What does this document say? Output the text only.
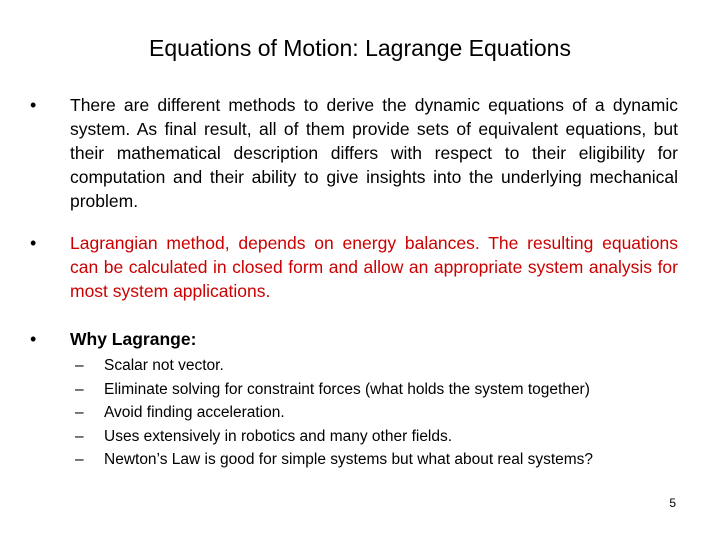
Equations of Motion: Lagrange Equations
• There are different methods to derive the dynamic equations of a dynamic system. As final result, all of them provide sets of equivalent equations, but their mathematical description differs with respect to their eligibility for computation and their ability to give insights into the underlying mechanical problem.
• Lagrangian method, depends on energy balances. The resulting equations can be calculated in closed form and allow an appropriate system analysis for most system applications.
• Why Lagrange:
– Scalar not vector.
– Eliminate solving for constraint forces (what holds the system together)
– Avoid finding acceleration.
– Uses extensively in robotics and many other fields.
– Newton’s Law is good for simple systems but what about real systems?
5
